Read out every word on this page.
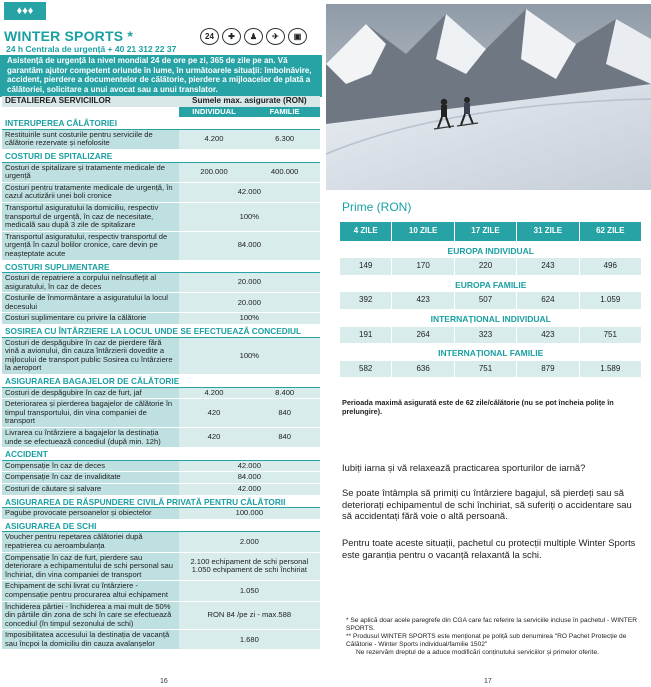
♦♦♦
WINTER SPORTS *	24	✚	♟	✈	▣
24 h Centrala de urgență + 40 21 312 22 37
Asistență de urgență la nivel mondial 24 de ore pe zi, 365 de zile pe an. Vă garantăm ajutor competent oriunde în lume, în următoarele situații: îmbolnăvire, accident, pierdere a documentelor de călătorie, pierdere a mijloacelor de plată a călătoriei, solicitare a unui avocat sau a unui translator.
DETALIEREA SERVICIILOR	Sumele max. asigurate (RON)	
	INDIVIDUAL	FAMILIE
INTERUPEREA CĂLĂTORIEI		
Restituirile sunt costurile pentru serviciile de călătorie rezervate și nefolosite	4.200	6.300
COSTURI DE SPITALIZARE		
Costuri de spitalizare și tratamente medicale de urgență	200.000	400.000
Costuri pentru tratamente medicale de urgență, în cazul acutizării unei boli cronice	42.000	
Transportul asiguratului la domiciliu, respectiv transportul de urgență, în caz de necesitate, medicală sau după 3 zile de spitalizare	100%	
Transportul asiguratului, respectiv transportul de urgență în cazul bolilor cronice, care devin pe neașteptate acute	84.000	
COSTURI SUPLIMENTARE		
Costuri de repatriere a corpului neînsuflețit al asiguratului, în caz de deces	20.000	
Costurile de înmormântare a asiguratului la locul decesului	20.000	
Costuri suplimentare cu privire la călătorie	100%	
SOSIREA CU ÎNTÂRZIERE LA LOCUL UNDE SE EFECTUEAZĂ CONCEDIUL		
Costuri de despăgubire în caz de pierdere fără vină a avionului, din cauza întârzierii dovedite a mijlocului de transport public Sosirea cu întârziere la aeroport	100%	
ASIGURAREA BAGAJELOR DE CĂLĂTORIE		
Costuri de despăgubire în caz de furt, jaf	4.200	8.400
Deteriorarea și pierderea bagajelor de călătorie în timpul transportului, din vina companiei de transport	420	840
Livrarea cu întârziere a bagajelor la destinația unde se efectuează concediul (după min. 12h)	420	840
ACCIDENT		
Compensație în caz de deces	42.000	
Compensație în caz de invaliditate	84.000	
Costuri de căutare și salvare	42.000	
ASIGURAREA DE RĂSPUNDERE CIVILĂ PRIVATĂ PENTRU CĂLĂTORII		
Pagube provocate persoanelor și obiectelor	100.000	
ASIGURAREA DE SCHI		
Voucher pentru repetarea călătoriei după repatrierea cu aeroambulanța	2.000	
Compensație în caz de furt, pierdere sau deteriorare a echipamentului de schi personal sau închiriat, din vina companiei de transport	2.100 echipament de schi personal
1.050 echipament de schi închiriat	
Echipament de schi livrat cu întârziere - compensație pentru procurarea altui echipament	1.050	
Închiderea pârtiei - închiderea a mai mult de 50% din pârtiile din zona de schi în care se efectuează concediul (în timpul sezonului de schi)	RON 84 /pe zi - max.588	
Imposibilitatea accesului la destinația de vacanță sau încpoi la domiciliu din cauza avalanșelor	1.680	
16
Prime (RON)
4 ZILE	10 ZILE	17 ZILE	31 ZILE	62 ZILE
EUROPA INDIVIDUAL				
149	170	220	243	496
EUROPA FAMILIE				
392	423	507	624	1.059
INTERNAȚIONAL INDIVIDUAL				
191	264	323	423	751
INTERNAȚIONAL FAMILIE				
582	636	751	879	1.589
Perioada maximă asigurată este de 62 zile/călătorie (nu se pot încheia polițe în prelungire).
Iubiți iarna și vă relaxează practicarea sporturilor de iarnă?
Se poate întâmpla să primiți cu întârziere bagajul, să pierdeți sau să deteriorați echipamentul de schi închiriat, să suferiți o accidentare sau să accidentați fără voie o altă persoană.
Pentru toate aceste situații, pachetul cu protecții multiple Winter Sports este garanția pentru o vacanță relaxantă la schi.
* Se aplică doar acele paregrefe din CGA care fac referire la serviciile incluse în pachetul - WINTER SPORTS.
** Produsul WINTER SPORTS este menționat pe poliță sub denumirea "RO Pachet Protecție de Călătorie - Winter Sports individual/familie 1502"
Ne rezervăm dreptul de a aduce modificări conținutului serviciilor și primelor oferite.
17
